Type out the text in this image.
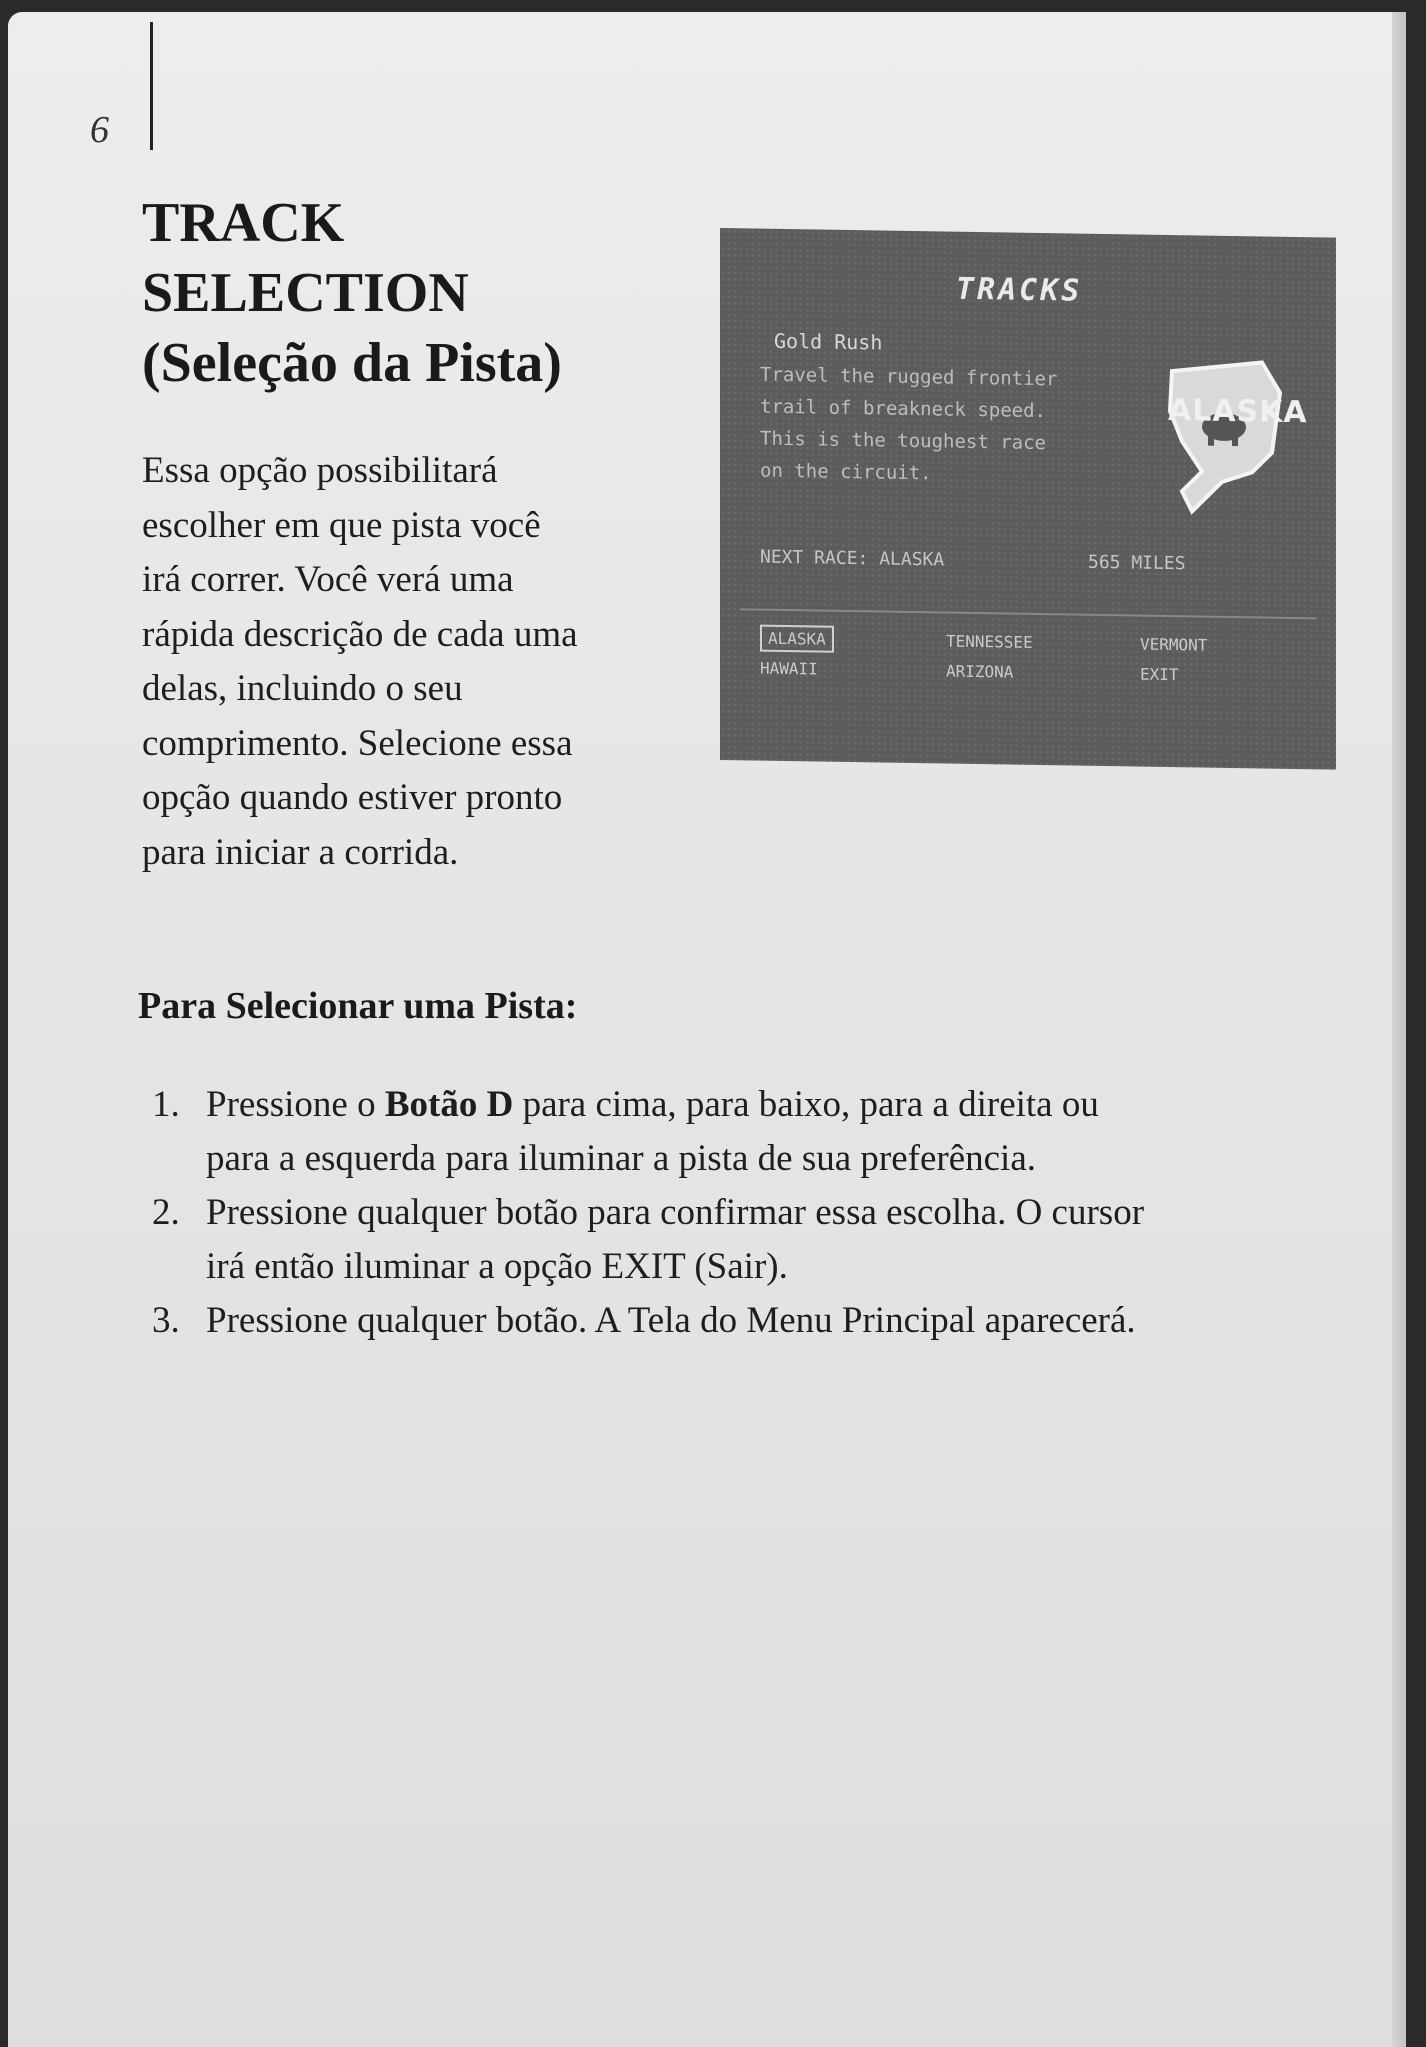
6
TRACK
SELECTION
(Seleção da Pista)

Essa opção possibilitará
escolher em que pista você
irá correr. Você verá uma
rápida descrição de cada uma
delas, incluindo o seu
comprimento. Selecione essa
opção quando estiver pronto
para iniciar a corrida.

TRACKS
Gold Rush
Travel the rugged frontier
trail of breakneck speed.
This is the toughest race
on the circuit.
ALASKA
NEXT RACE: ALASKA	565 MILES
ALASKA	TENNESSEE	VERMONT
HAWAII	ARIZONA	EXIT
Para Selecionar uma Pista:
1. Pressione o Botão D para cima, para baixo, para a direita ou
para a esquerda para iluminar a pista de sua preferência.
2. Pressione qualquer botão para confirmar essa escolha. O cursor
irá então iluminar a opção EXIT (Sair).
3. Pressione qualquer botão. A Tela do Menu Principal aparecerá.
